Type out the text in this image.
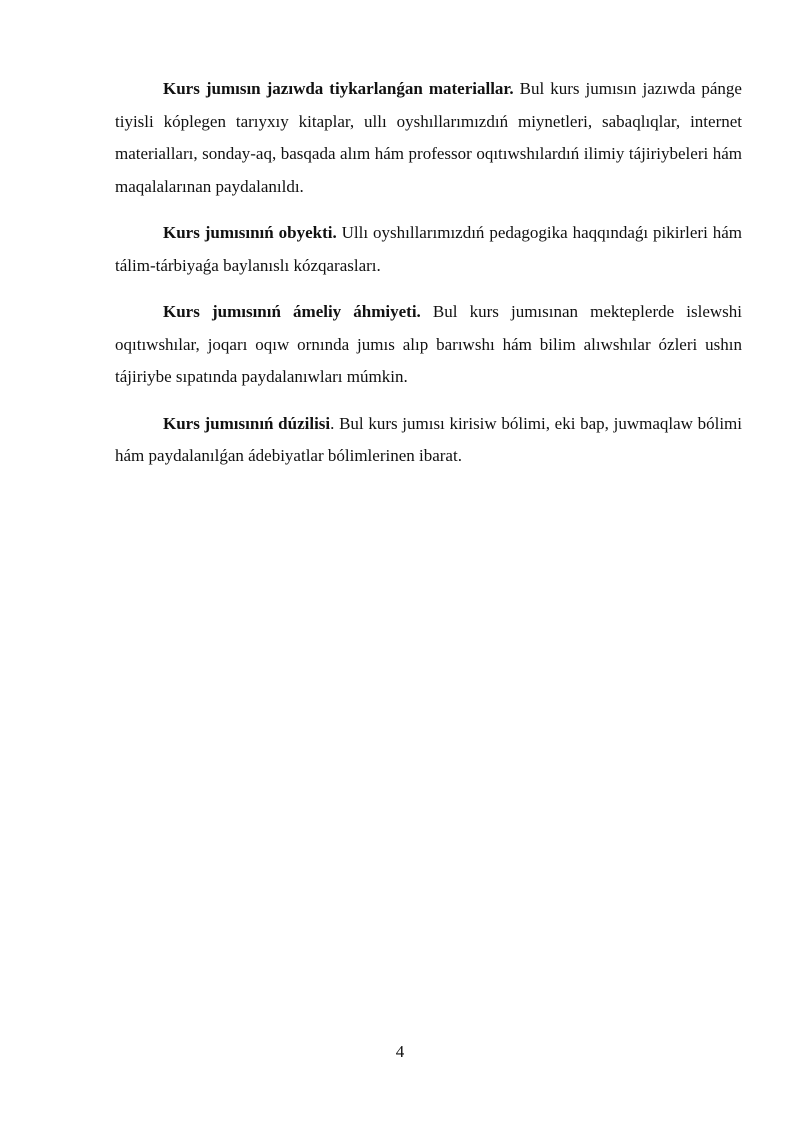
Kurs jumısın jazıwda tiykarlanǵan materiallar. Bul kurs jumısın jazıwda pánge tiyisli kóplegen tarıyxıy kitaplar, ullı oyshıllarımızdıń miynetleri, sabaqlıqlar, internet materialları, sonday-aq, basqada alım hám professor oqıtıwshılardıń ilimiy tájiriybeleri hám maqalalarınan paydalanıldı.

Kurs jumısınıń obyekti. Ullı oyshıllarımızdıń pedagogika haqqındaǵı pikirleri hám tálim-tárbiyaǵa baylanıslı kózqarasları.

Kurs jumısınıń ámeliy áhmiyeti. Bul kurs jumısınan mekteplerde islewshi oqıtıwshılar, joqarı oqıw ornında jumıs alıp barıwshı hám bilim alıwshılar ózleri ushın tájiriybe sıpatında paydalanıwları múmkin.

Kurs jumısınıń dúzilisi. Bul kurs jumısı kirisiw bólimi, eki bap, juwmaqlaw bólimi hám paydalanılǵan ádebiyatlar bólimlerinen ibarat.

4
